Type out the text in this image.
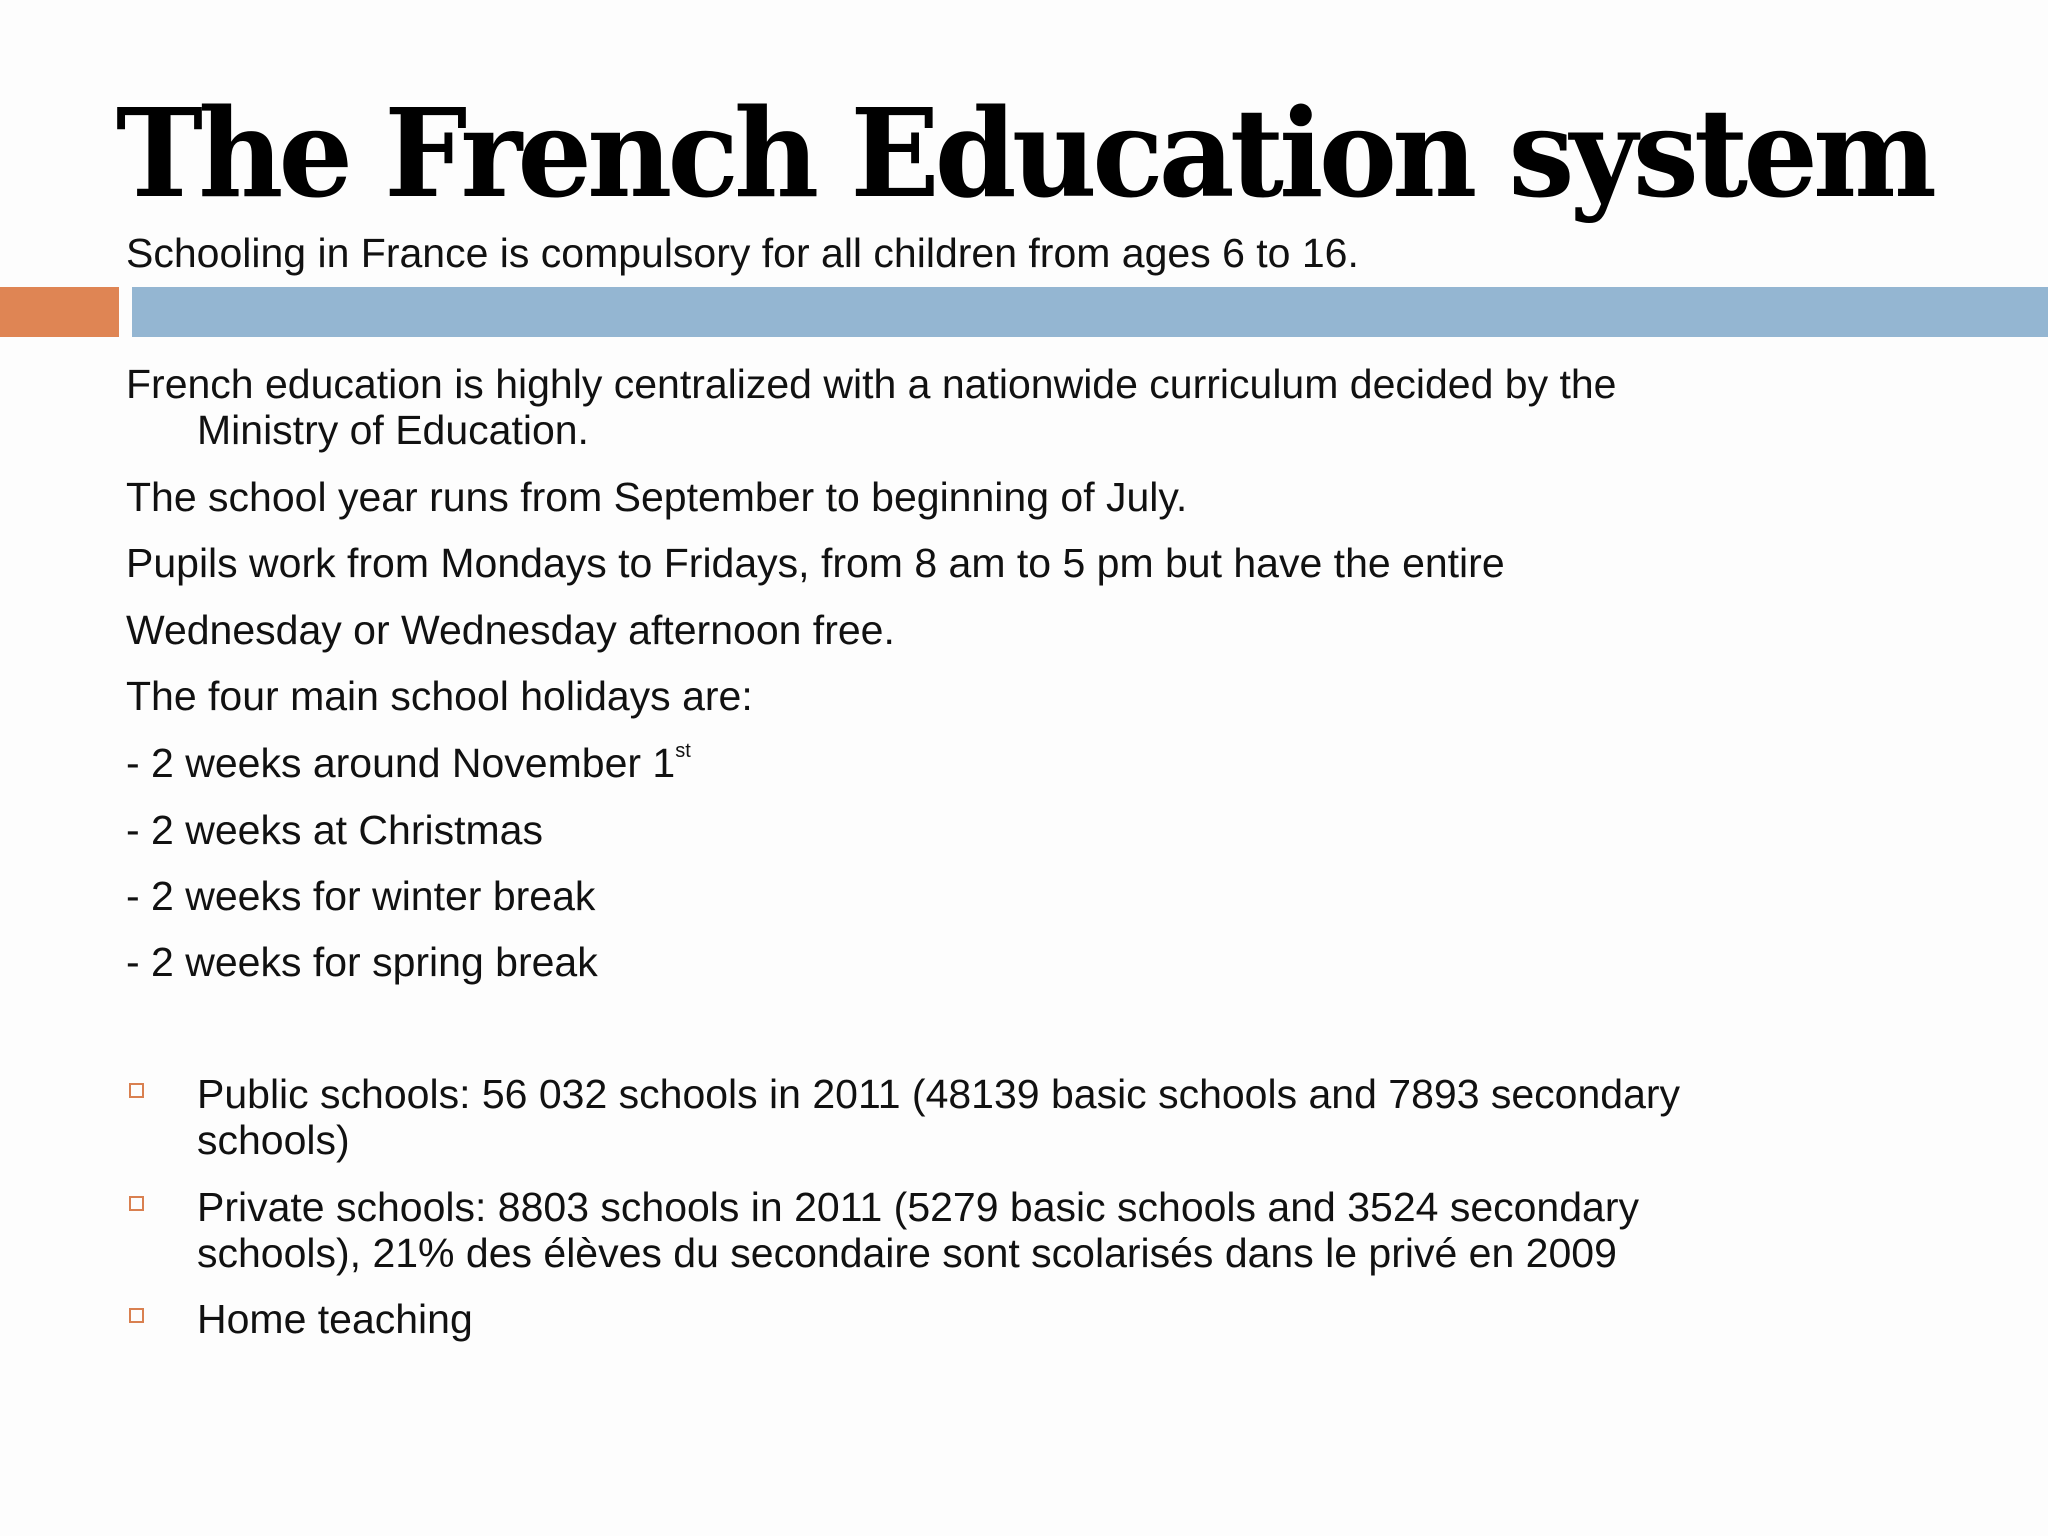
The French Education system
Schooling in France is compulsory for all children from ages 6 to 16.
French education is highly centralized with a nationwide curriculum decided by the
Ministry of Education.
The school year runs from September to beginning of July.
Pupils work from Mondays to Fridays, from 8 am to 5 pm but have the entire
Wednesday or Wednesday afternoon free.
The four main school holidays are:
- 2 weeks around November 1st
- 2 weeks at Christmas
- 2 weeks for winter break
- 2 weeks for spring break
Public schools: 56 032 schools in 2011 (48139 basic schools and 7893 secondary
schools)
Private schools: 8803 schools in 2011 (5279 basic schools and 3524 secondary
schools), 21% des élèves du secondaire sont scolarisés dans le privé en 2009
Home teaching
